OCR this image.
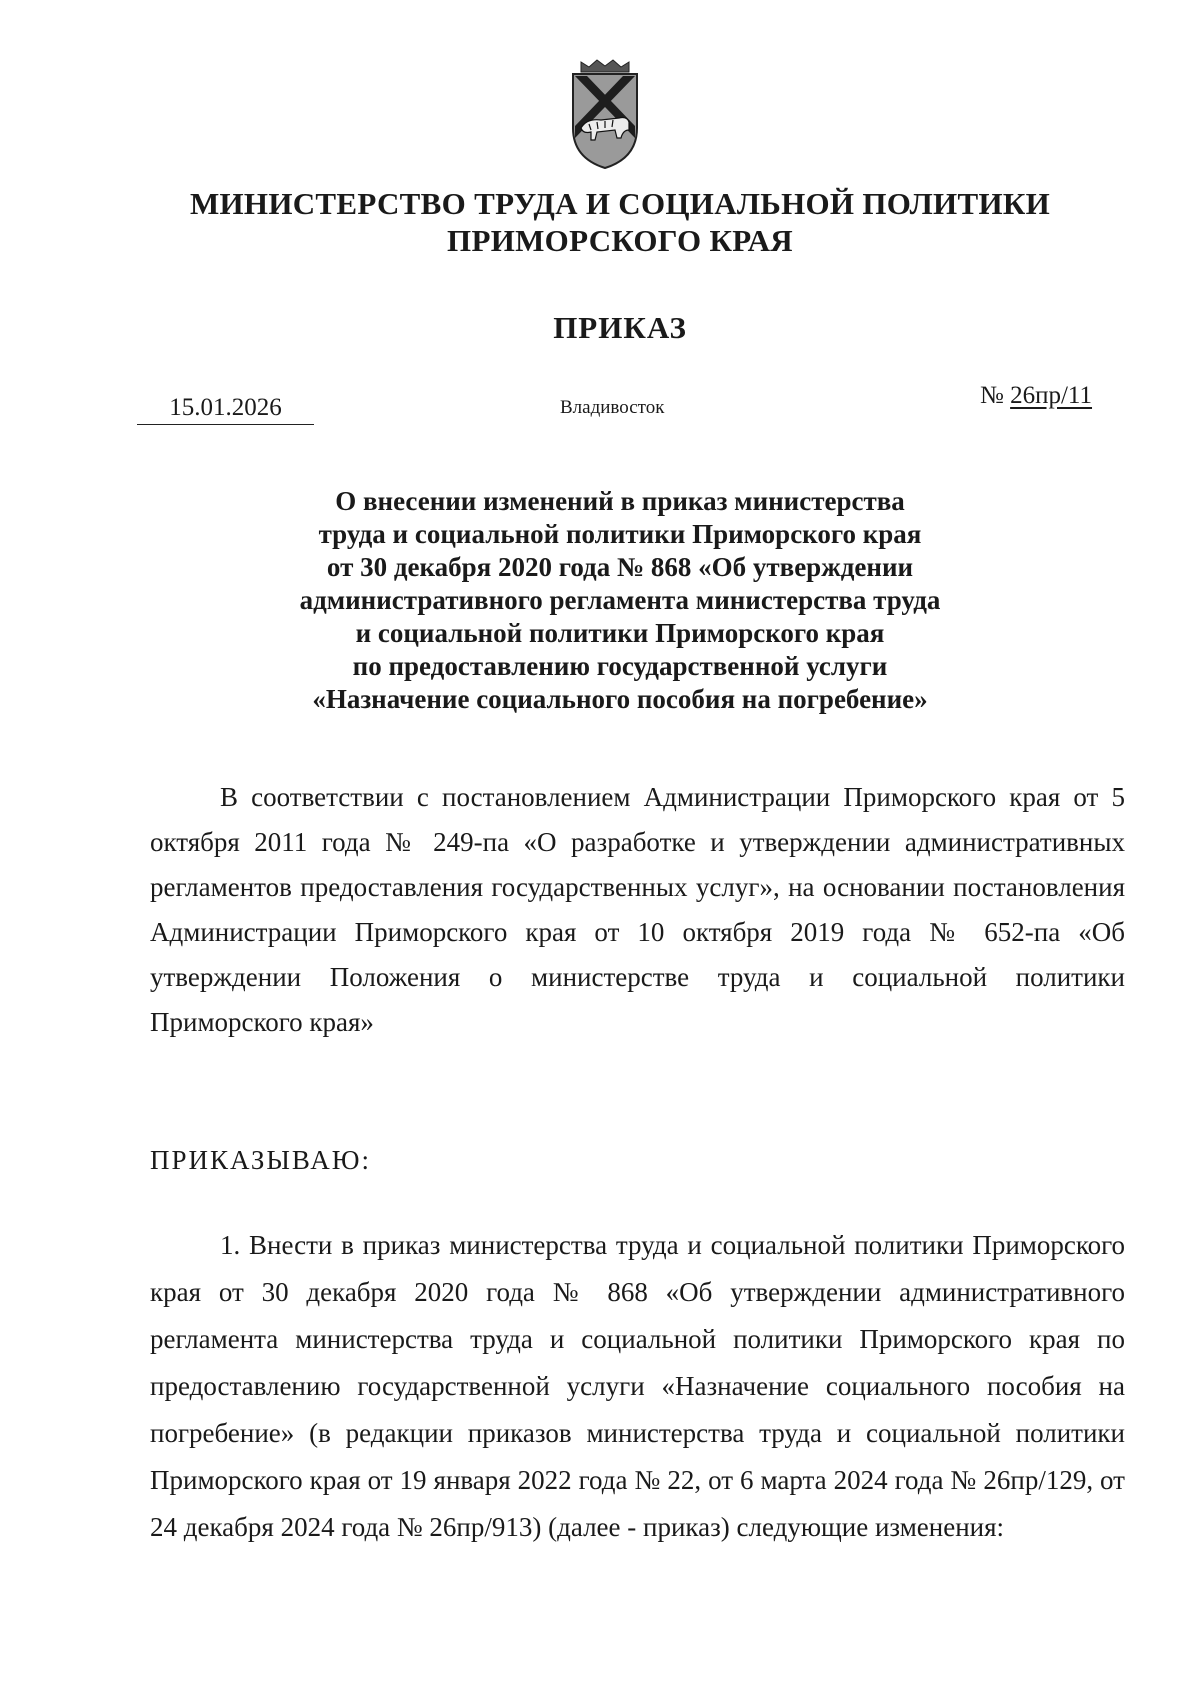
МИНИСТЕРСТВО ТРУДА И СОЦИАЛЬНОЙ ПОЛИТИКИ
ПРИМОРСКОГО КРАЯ
ПРИКАЗ
15.01.2026	Владивосток	№ 26пр/11
О внесении изменений в приказ министерства
труда и социальной политики Приморского края
от 30 декабря 2020 года № 868 «Об утверждении
административного регламента министерства труда
и социальной политики Приморского края
по предоставлению государственной услуги
«Назначение социального пособия на погребение»
В соответствии с постановлением Администрации Приморского края от 5 октября 2011 года № 249-па «О разработке и утверждении административных регламентов предоставления государственных услуг», на основании постановления Администрации Приморского края от 10 октября 2019 года № 652-па «Об утверждении Положения о министерстве труда и социальной политики Приморского края»
ПРИКАЗЫВАЮ:
1. Внести в приказ министерства труда и социальной политики Приморского края от 30 декабря 2020 года № 868 «Об утверждении административного регламента министерства труда и социальной политики Приморского края по предоставлению государственной услуги «Назначение социального пособия на погребение» (в редакции приказов министерства труда и социальной политики Приморского края от 19 января 2022 года № 22, от 6 марта 2024 года № 26пр/129, от 24 декабря 2024 года № 26пр/913) (далее - приказ) следующие изменения:
